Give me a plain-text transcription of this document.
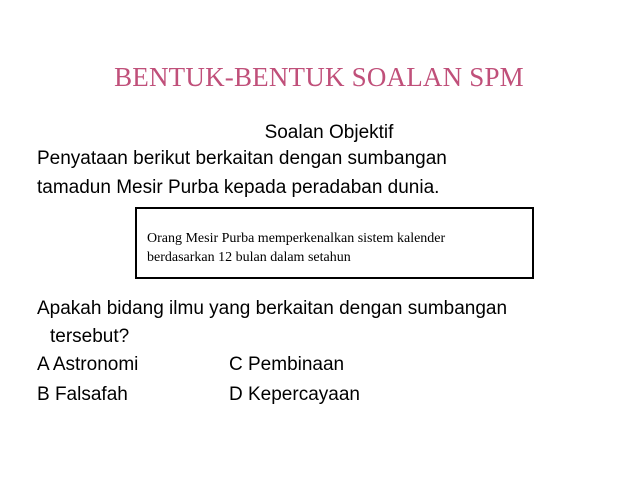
BENTUK-BENTUK SOALAN SPM
Soalan Objektif
Penyataan berikut berkaitan dengan sumbangan
tamadun Mesir Purba kepada peradaban dunia.
Orang Mesir Purba memperkenalkan sistem kalender
berdasarkan 12 bulan dalam setahun
Apakah bidang ilmu yang berkaitan dengan sumbangan
tersebut?
A Astronomi	C Pembinaan
B Falsafah	D Kepercayaan
